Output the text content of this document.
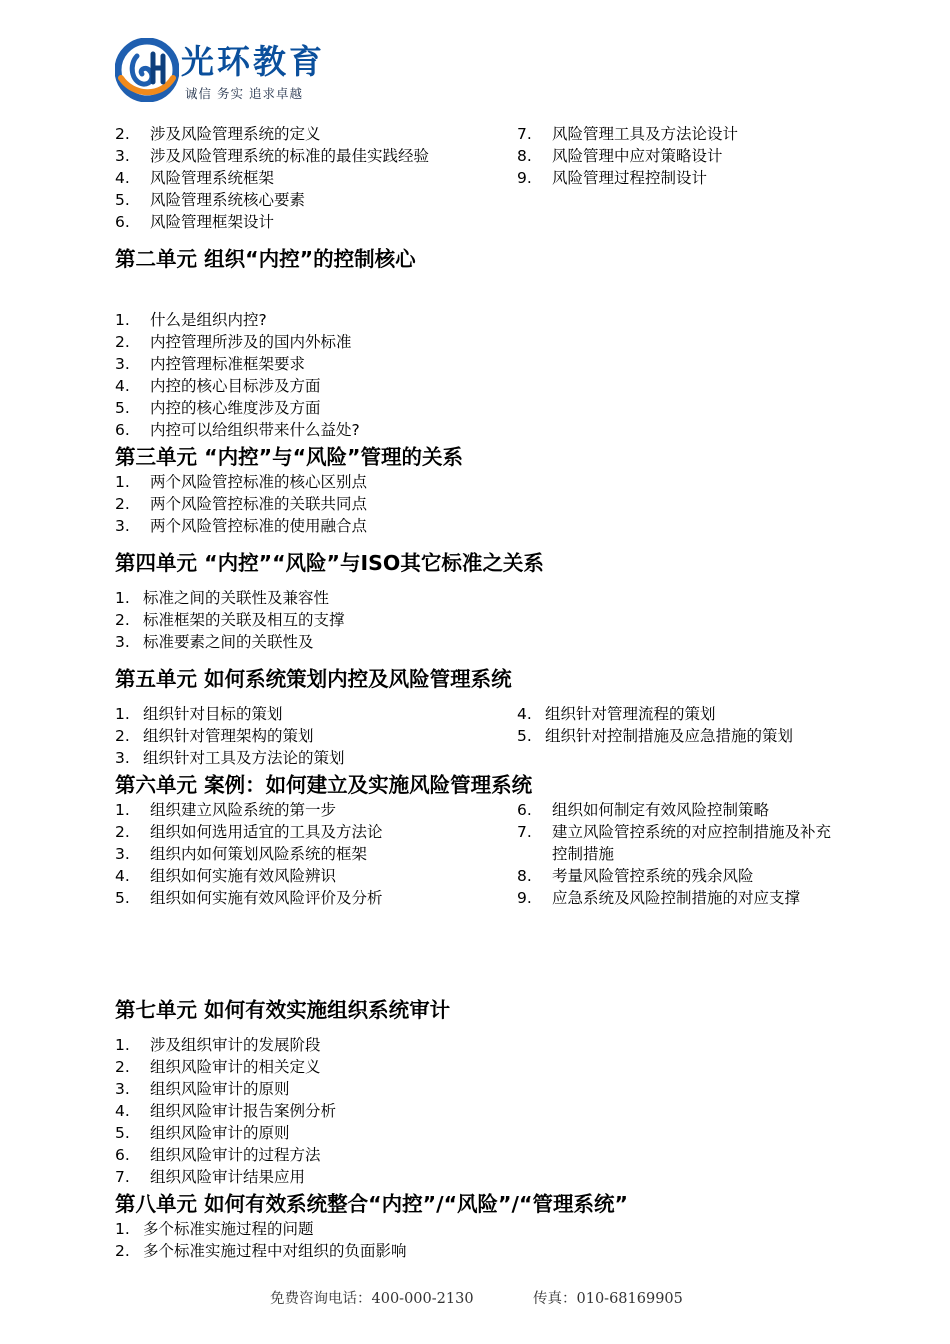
光环教育
诚信 务实 追求卓越
2. 涉及风险管理系统的定义
3. 涉及风险管理系统的标准的最佳实践经验
4. 风险管理系统框架
5. 风险管理系统核心要素
6. 风险管理框架设计
7. 风险管理工具及方法论设计
8. 风险管理中应对策略设计
9. 风险管理过程控制设计
第二单元 组织“内控”的控制核心
1. 什么是组织内控?
2. 内控管理所涉及的国内外标准
3. 内控管理标准框架要求
4. 内控的核心目标涉及方面
5. 内控的核心维度涉及方面
6. 内控可以给组织带来什么益处?
第三单元 “内控”与“风险”管理的关系
1. 两个风险管控标准的核心区别点
2. 两个风险管控标准的关联共同点
3. 两个风险管控标准的使用融合点
第四单元 “内控”“风险”与ISO其它标准之关系
1. 标准之间的关联性及兼容性
2. 标准框架的关联及相互的支撑
3. 标准要素之间的关联性及
第五单元 如何系统策划内控及风险管理系统
1. 组织针对目标的策划
2. 组织针对管理架构的策划
3. 组织针对工具及方法论的策划
4. 组织针对管理流程的策划
5. 组织针对控制措施及应急措施的策划
第六单元 案例：如何建立及实施风险管理系统
1. 组织建立风险系统的第一步
2. 组织如何选用适宜的工具及方法论
3. 组织内如何策划风险系统的框架
4. 组织如何实施有效风险辨识
5. 组织如何实施有效风险评价及分析
6. 组织如何制定有效风险控制策略
7. 建立风险管控系统的对应控制措施及补充
控制措施
8. 考量风险管控系统的残余风险
9. 应急系统及风险控制措施的对应支撑
第七单元 如何有效实施组织系统审计
1. 涉及组织审计的发展阶段
2. 组织风险审计的相关定义
3. 组织风险审计的原则
4. 组织风险审计报告案例分析
5. 组织风险审计的原则
6. 组织风险审计的过程方法
7. 组织风险审计结果应用
第八单元 如何有效系统整合“内控”/“风险”/“管理系统”
1. 多个标准实施过程的问题
2. 多个标准实施过程中对组织的负面影响
免费咨询电话：400-000-2130	传真：010-68169905
